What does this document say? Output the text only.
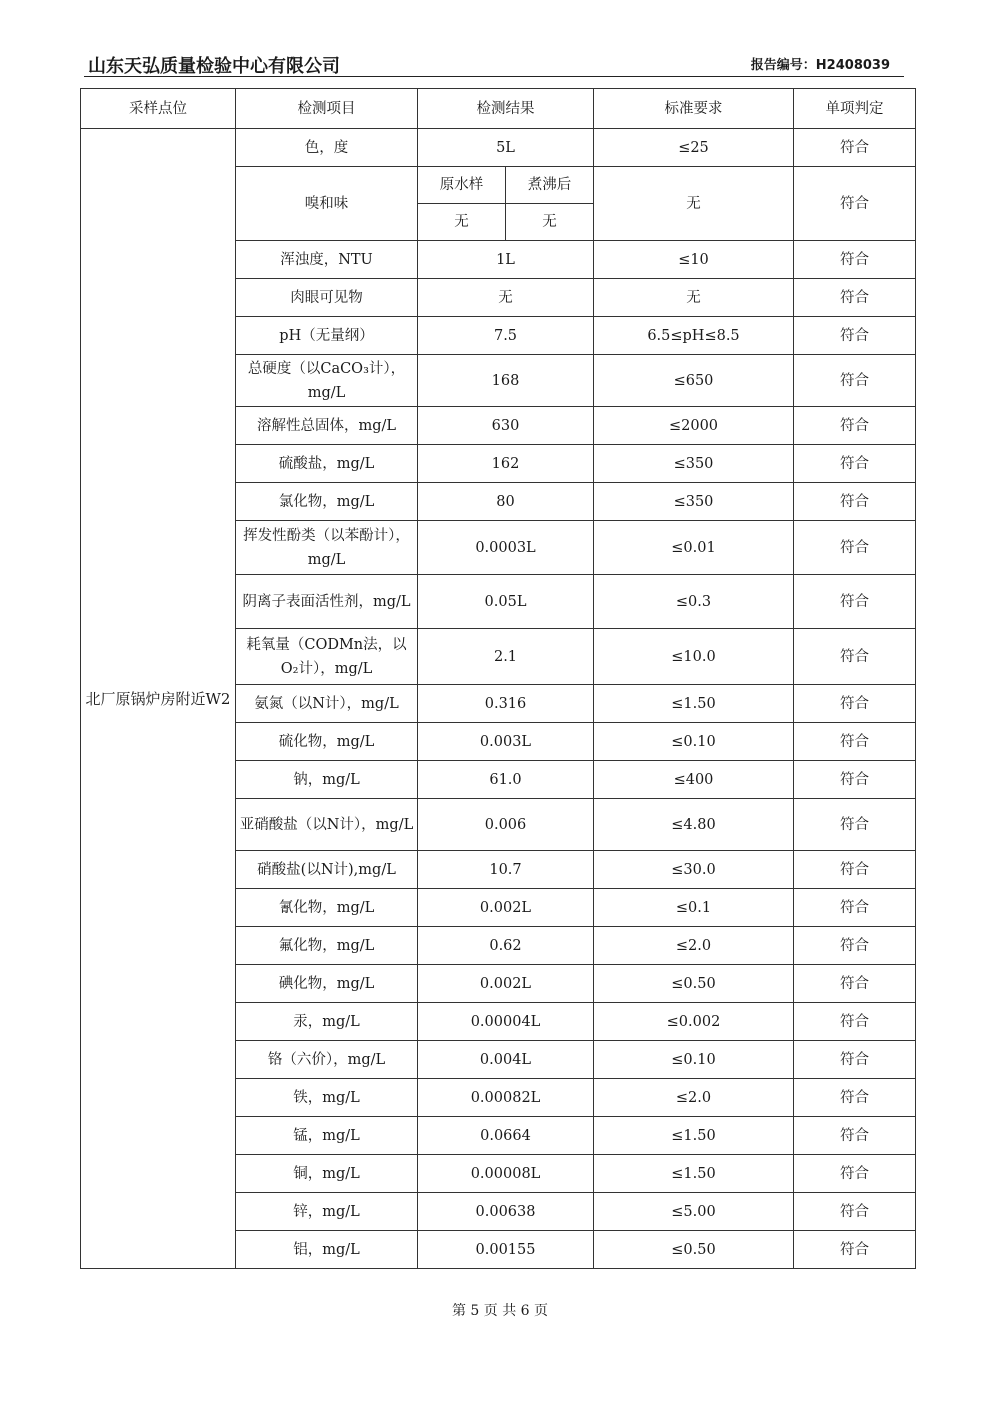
山东天弘质量检验中心有限公司	报告编号：H2408039
采样点位	检测项目	检测结果		标准要求	单项判定
北厂原锅炉房附近W2	色，度	5L		≤25	符合
	嗅和味	原水样	煮沸后	无	符合
		无	无		
	浑浊度，NTU	1L		≤10	符合
	肉眼可见物	无		无	符合
	pH（无量纲）	7.5		6.5≤pH≤8.5	符合
	总硬度（以CaCO₃计），mg/L	168		≤650	符合
	溶解性总固体，mg/L	630		≤2000	符合
	硫酸盐，mg/L	162		≤350	符合
	氯化物，mg/L	80		≤350	符合
	挥发性酚类（以苯酚计），mg/L	0.0003L		≤0.01	符合
	阴离子表面活性剂，mg/L	0.05L		≤0.3	符合
	耗氧量（CODMn法，以O₂计），mg/L	2.1		≤10.0	符合
	氨氮（以N计），mg/L	0.316		≤1.50	符合
	硫化物，mg/L	0.003L		≤0.10	符合
	钠，mg/L	61.0		≤400	符合
	亚硝酸盐（以N计），mg/L	0.006		≤4.80	符合
	硝酸盐(以N计),mg/L	10.7		≤30.0	符合
	氰化物，mg/L	0.002L		≤0.1	符合
	氟化物，mg/L	0.62		≤2.0	符合
	碘化物，mg/L	0.002L		≤0.50	符合
	汞，mg/L	0.00004L		≤0.002	符合
	铬（六价），mg/L	0.004L		≤0.10	符合
	铁，mg/L	0.00082L		≤2.0	符合
	锰，mg/L	0.0664		≤1.50	符合
	铜，mg/L	0.00008L		≤1.50	符合
	锌，mg/L	0.00638		≤5.00	符合
	铝，mg/L	0.00155		≤0.50	符合
第 5 页 共 6 页
